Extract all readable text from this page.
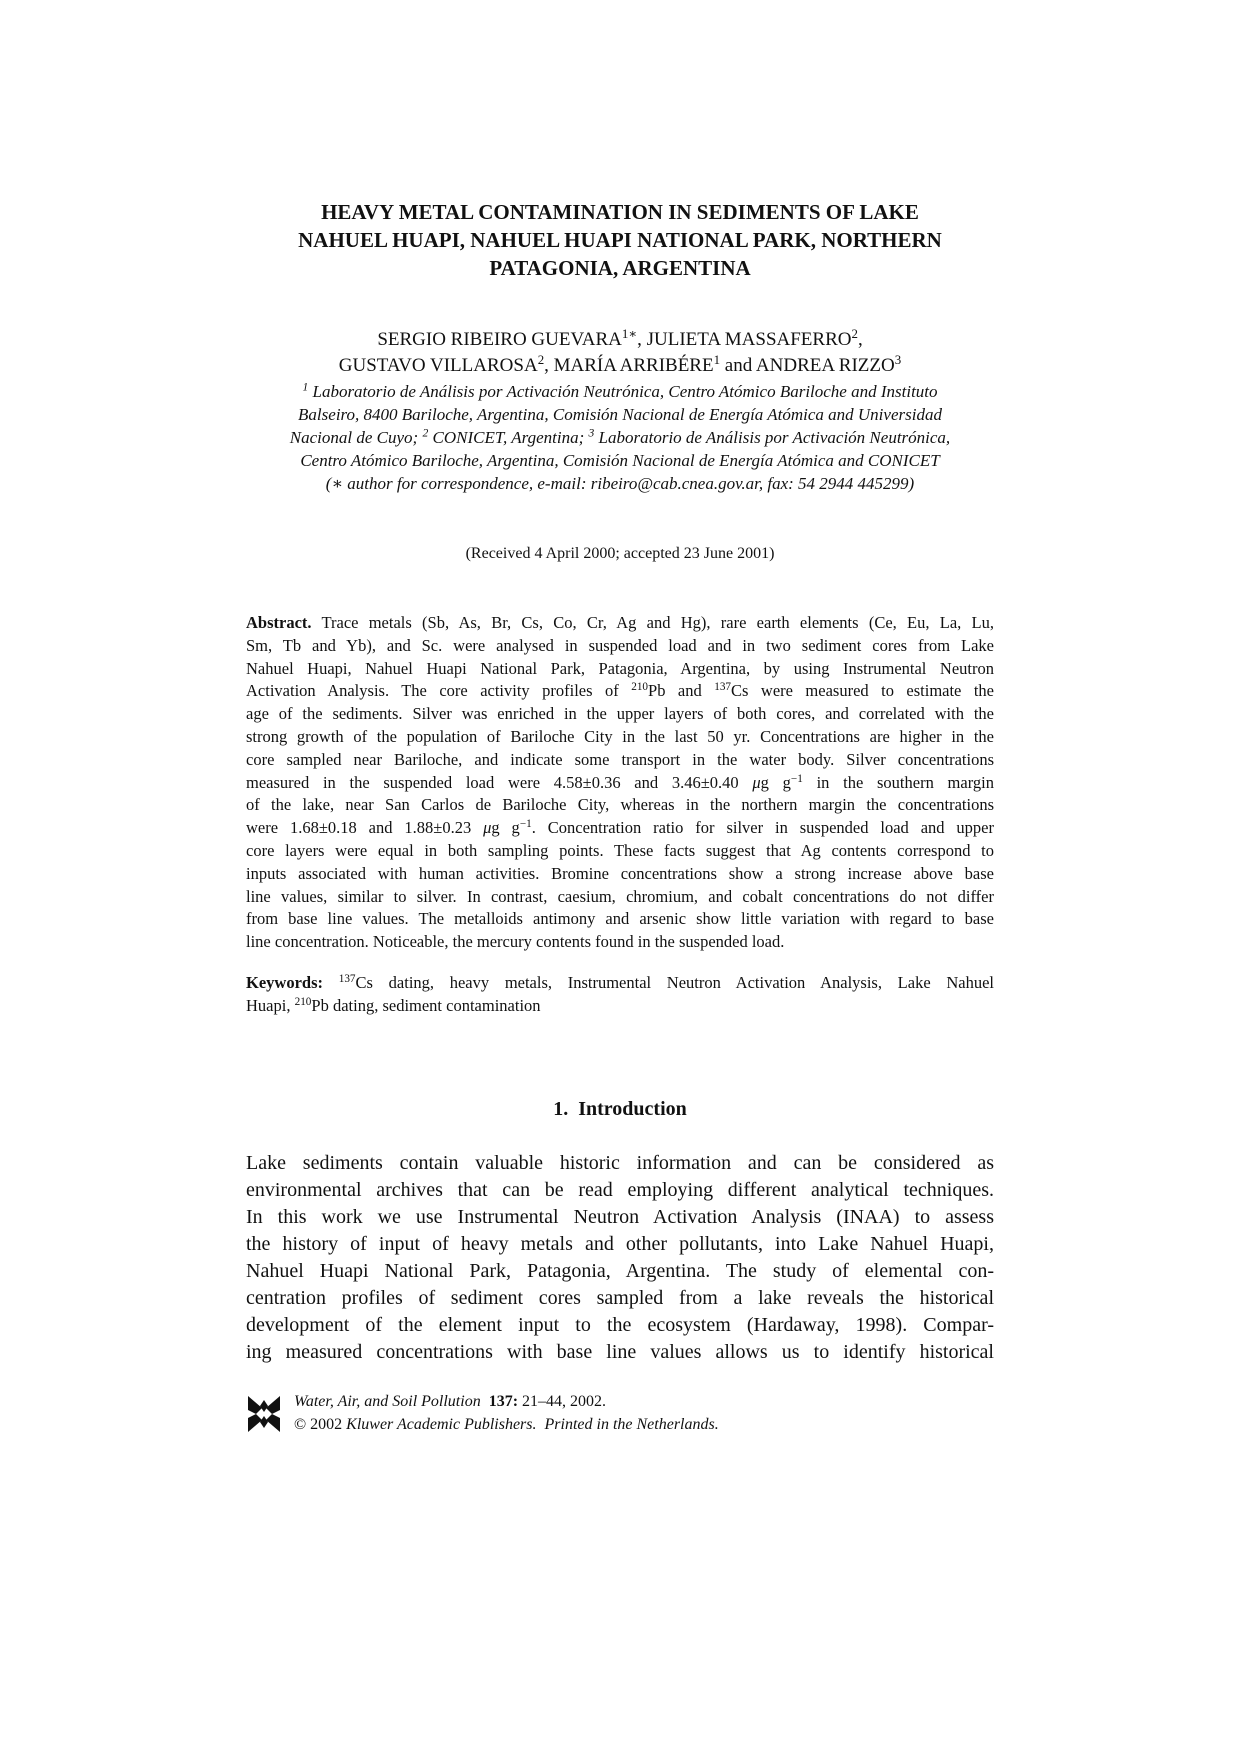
HEAVY METAL CONTAMINATION IN SEDIMENTS OF LAKE
NAHUEL HUAPI, NAHUEL HUAPI NATIONAL PARK, NORTHERN
PATAGONIA, ARGENTINA
SERGIO RIBEIRO $GUEVARA^{1∗}$, JULIETA MASSAFERRO$^2$,
GUSTAVO VILLAROSA$^2$, MARÍA ARRIBÉRE$^1$ and ANDREA RIZZO$^3$
$^1$ Laboratorio de Análisis por Activación Neutrónica, Centro Atómico Bariloche and Instituto
Balseiro, 8400 Bariloche, Argentina, Comisión Nacional de Energía Atómica and Universidad
Nacional de Cuyo; $^2$ CONICET, Argentina; $^3$ Laboratorio de Análisis por Activación Neutrónica,
Centro Atómico Bariloche, Argentina, Comisión Nacional de Energía Atómica and CONICET
(∗ author for correspondence, e-mail: ribeiro@cab.cnea.gov.ar, fax: 54 2944 445299)
(Received 4 April 2000; accepted 23 June 2001)
Abstract. Trace metals (Sb, As, Br, Cs, Co, Cr, Ag and Hg), rare earth elements (Ce, Eu, La, Lu,
Sm, Tb and Yb), and Sc. were analysed in suspended load and in two sediment cores from Lake
Nahuel Huapi, Nahuel Huapi National Park, Patagonia, Argentina, by using Instrumental Neutron
Activation Analysis. The core activity profiles of $^{210}$Pb and $^{137}$Cs were measured to estimate the
age of the sediments. Silver was enriched in the upper layers of both cores, and correlated with the
strong growth of the population of Bariloche City in the last 50 yr. Concentrations are higher in the
core sampled near Bariloche, and indicate some transport in the water body. Silver concentrations
measured in the suspended load were 4.58±0.36 and 3.46±0.40 μg $g^{-1}$ in the southern margin
of the lake, near San Carlos de Bariloche City, whereas in the northern margin the concentrations
were 1.68±0.18 and 1.88±0.23 μg $g^{-1}$. Concentration ratio for silver in suspended load and upper
core layers were equal in both sampling points. These facts suggest that Ag contents correspond to
inputs associated with human activities. Bromine concentrations show a strong increase above base
line values, similar to silver. In contrast, caesium, chromium, and cobalt concentrations do not differ
from base line values. The metalloids antimony and arsenic show little variation with regard to base
line concentration. Noticeable, the mercury contents found in the suspended load.
Keywords: $^{137}$Cs dating, heavy metals, Instrumental Neutron Activation Analysis, Lake Nahuel
Huapi, $^{210}$Pb dating, sediment contamination
1. Introduction
Lake sediments contain valuable historic information and can be considered as
environmental archives that can be read employing different analytical techniques.
In this work we use Instrumental Neutron Activation Analysis (INAA) to assess
the history of input of heavy metals and other pollutants, into Lake Nahuel Huapi,
Nahuel Huapi National Park, Patagonia, Argentina. The study of elemental con-
centration profiles of sediment cores sampled from a lake reveals the historical
development of the element input to the ecosystem (Hardaway, 1998). Compar-
ing measured concentrations with base line values allows us to identify historical
Water, Air, and Soil Pollution 137: 21–44, 2002.
© 2002 Kluwer Academic Publishers. Printed in the Netherlands.
